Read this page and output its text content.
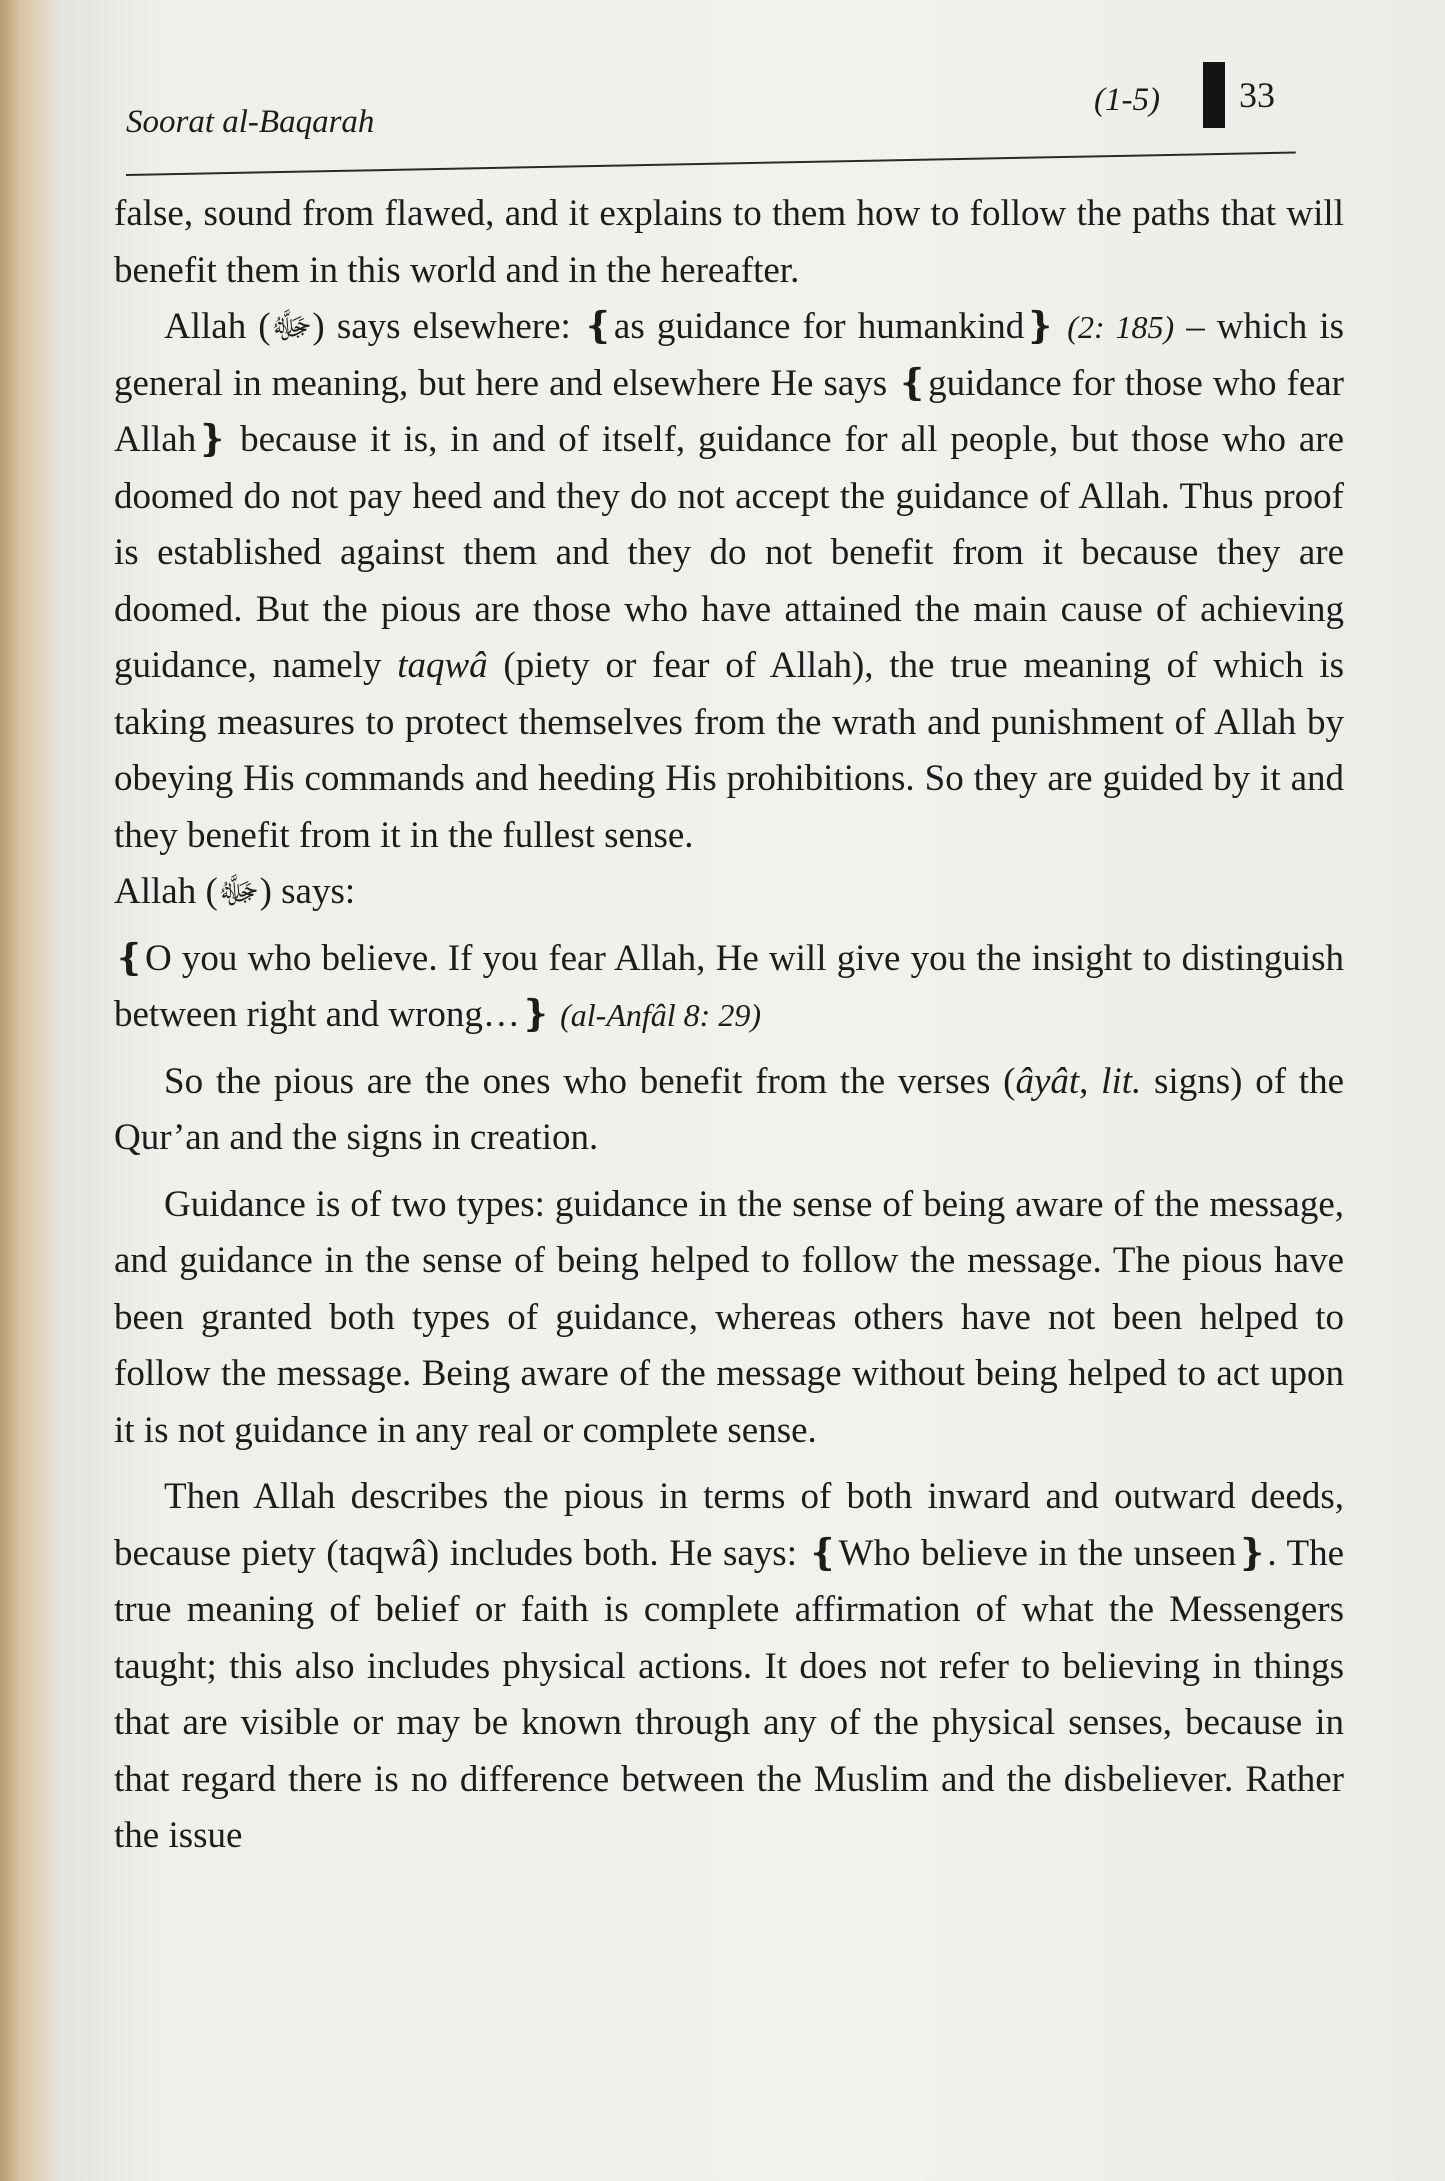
Soorat al-Baqarah
(1-5) 33

false, sound from flawed, and it explains to them how to follow the paths that will benefit them in this world and in the hereafter.

Allah (ﷻ) says elsewhere: ❴as guidance for humankind❵ (2: 185) – which is general in meaning, but here and elsewhere He says ❴guidance for those who fear Allah❵ because it is, in and of itself, guidance for all people, but those who are doomed do not pay heed and they do not accept the guidance of Allah. Thus proof is established against them and they do not benefit from it because they are doomed. But the pious are those who have attained the main cause of achieving guidance, namely taqwâ (piety or fear of Allah), the true meaning of which is taking measures to protect themselves from the wrath and punishment of Allah by obeying His commands and heeding His prohibitions. So they are guided by it and they benefit from it in the fullest sense.

Allah (ﷻ) says:

❴O you who believe. If you fear Allah, He will give you the insight to distinguish between right and wrong…❵ (al-Anfâl 8: 29)

So the pious are the ones who benefit from the verses (âyât, lit. signs) of the Qur’an and the signs in creation.

Guidance is of two types: guidance in the sense of being aware of the message, and guidance in the sense of being helped to follow the message. The pious have been granted both types of guidance, whereas others have not been helped to follow the message. Being aware of the message without being helped to act upon it is not guidance in any real or complete sense.

Then Allah describes the pious in terms of both inward and outward deeds, because piety (taqwâ) includes both. He says: ❴Who believe in the unseen❵. The true meaning of belief or faith is complete affirmation of what the Messengers taught; this also includes physical actions. It does not refer to believing in things that are visible or may be known through any of the physical senses, because in that regard there is no difference between the Muslim and the disbeliever. Rather the issue
